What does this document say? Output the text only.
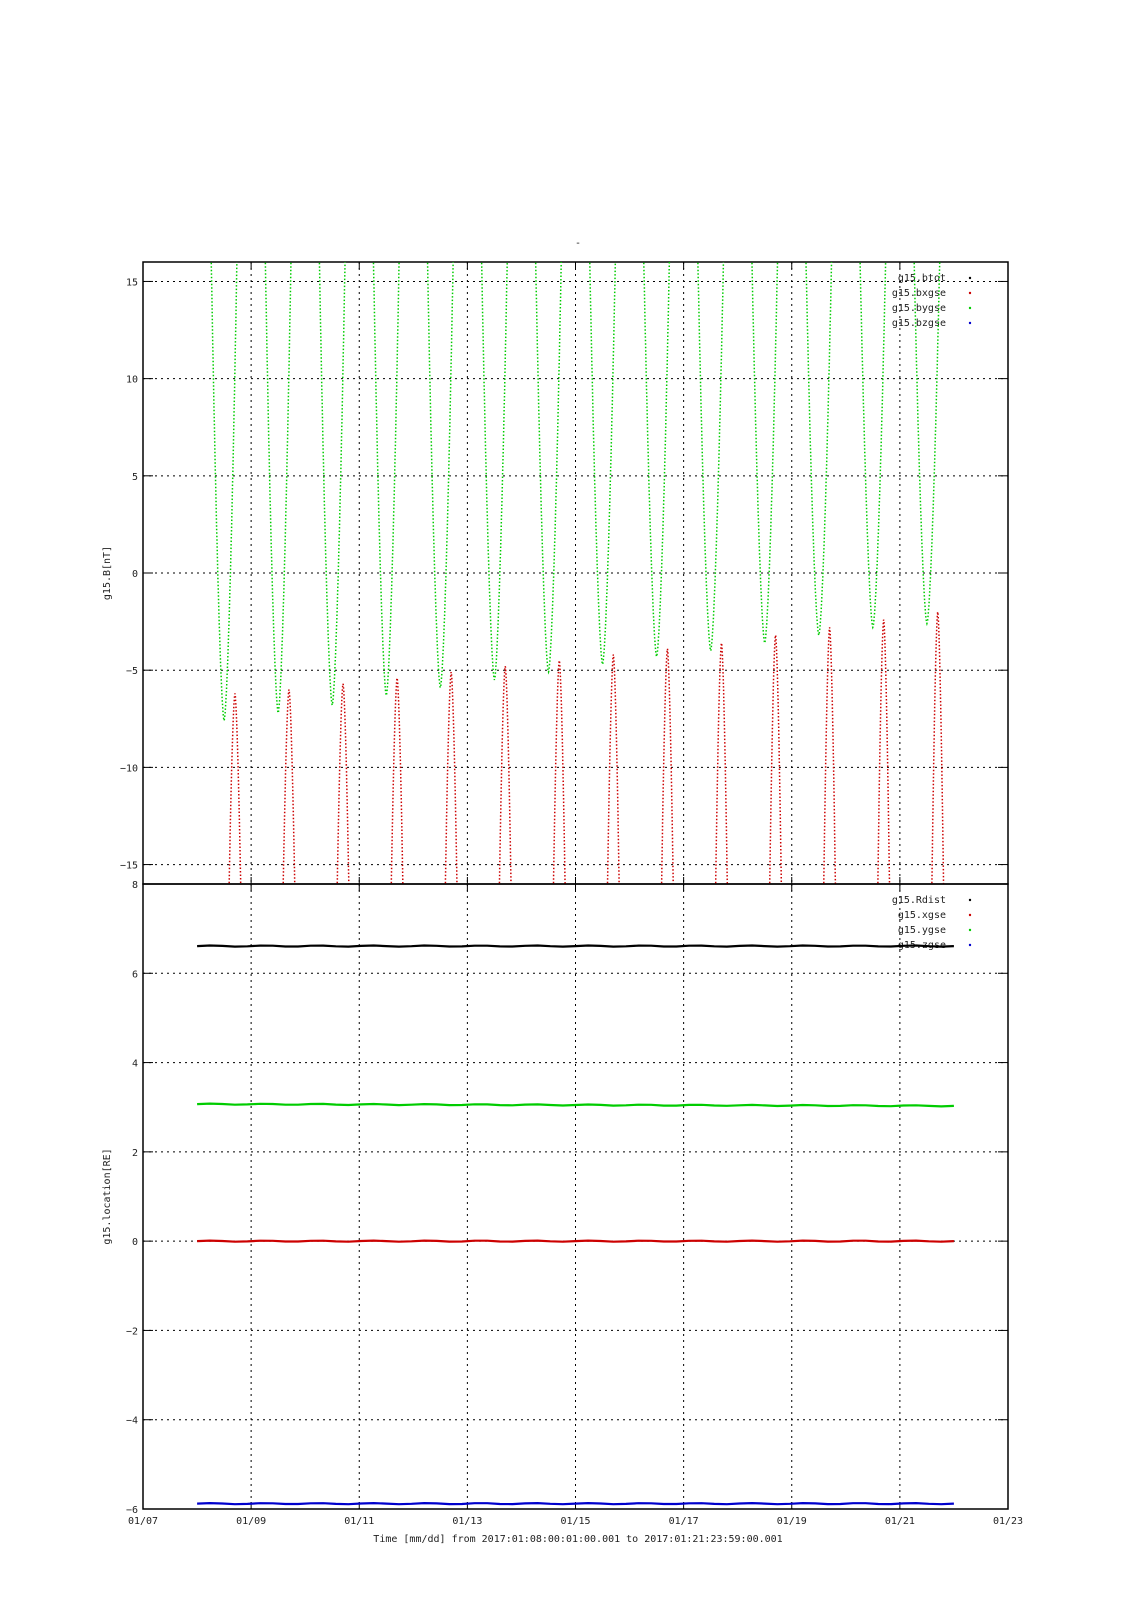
-
−15
−10
−5
0
5
10
15
g15.B[nT]
g15.btot
g15.bxgse
g15.bygse
g15.bzgse
−6
−4
−2
0
2
4
6
8
g15.location[RE]
01/07	01/09	01/11	01/13	01/15	01/17	01/19	01/21	01/23
g15.Rdist
g15.xgse
g15.ygse
g15.zgse
Time [mm/dd] from 2017:01:08:00:01:00.001 to 2017:01:21:23:59:00.001
